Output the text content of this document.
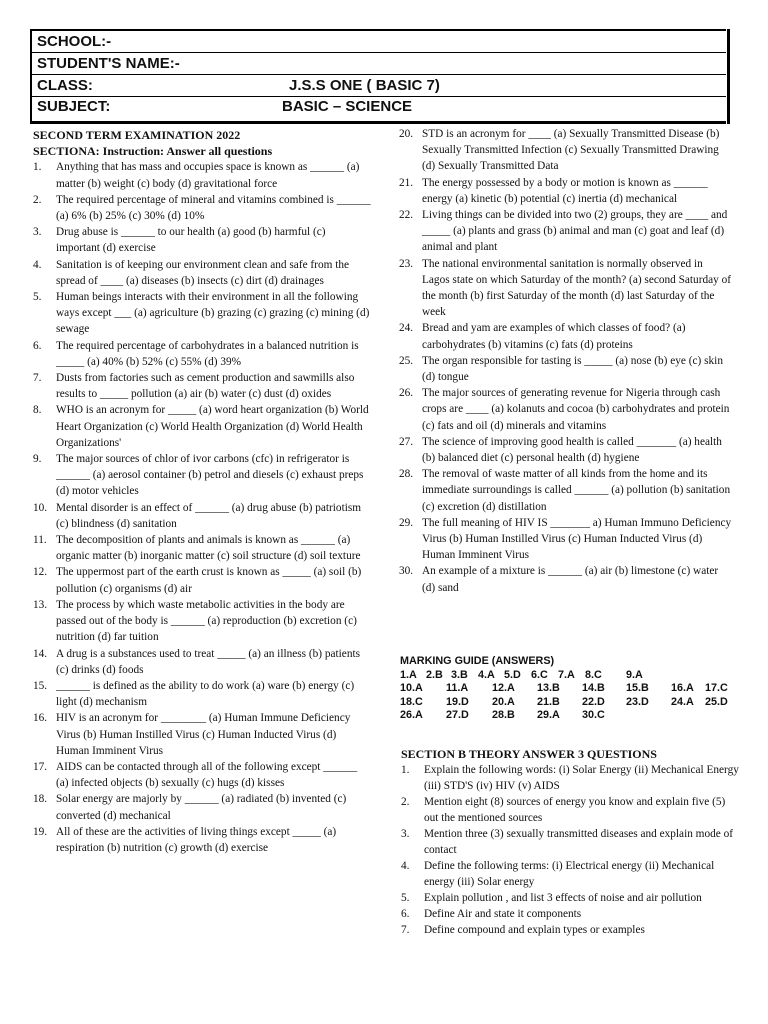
SCHOOL:-
STUDENT'S NAME:-
CLASS:	J.S.S ONE ( BASIC 7)
SUBJECT:	BASIC – SCIENCE
SECOND TERM EXAMINATION 2022
SECTIONA: Instruction: Answer all questions
1. Anything that has mass and occupies space is known as ______ (a) matter (b) weight (c) body (d) gravitational force
2. The required percentage of mineral and vitamins combined is ______ (a) 6% (b) 25% (c) 30% (d) 10%
3. Drug abuse is ______ to our health (a) good (b) harmful (c) important (d) exercise
4. Sanitation is of keeping our environment clean and safe from the spread of ____ (a) diseases (b) insects (c) dirt (d) drainages
5. Human beings interacts with their environment in all the following ways except ___ (a) agriculture (b) grazing (c) grazing (c) mining (d) sewage
6. The required percentage of carbohydrates in a balanced nutrition is _____ (a) 40% (b) 52% (c) 55% (d) 39%
7. Dusts from factories such as cement production and sawmills also results to _____ pollution (a) air (b) water (c) dust (d) oxides
8. WHO is an acronym for _____ (a) word heart organization (b) World Heart Organization (c) World Health Organization (d) World Health Organizations'
9. The major sources of chlor of ivor carbons (cfc) in refrigerator is ______ (a) aerosol container (b) petrol and diesels (c) exhaust preps (d) motor vehicles
10. Mental disorder is an effect of ______ (a) drug abuse (b) patriotism (c) blindness (d) sanitation
11. The decomposition of plants and animals is known as ______ (a) organic matter (b) inorganic matter (c) soil structure (d) soil texture
12. The uppermost part of the earth crust is known as _____ (a) soil (b) pollution (c) organisms (d) air
13. The process by which waste metabolic activities in the body are passed out of the body is ______ (a) reproduction (b) excretion (c) nutrition (d) far tuition
14. A drug is a substances used to treat _____ (a) an illness (b) patients (c) drinks (d) foods
15. ______ is defined as the ability to do work (a) ware (b) energy (c) light (d) mechanism
16. HIV is an acronym for ________ (a) Human Immune Deficiency Virus (b) Human Instilled Virus (c) Human Inducted Virus (d) Human Imminent Virus
17. AIDS can be contacted through all of the following except ______ (a) infected objects (b) sexually (c) hugs (d) kisses
18. Solar energy are majorly by ______ (a) radiated (b) invented (c) converted (d) mechanical
19. All of these are the activities of living things except _____ (a) respiration (b) nutrition (c) growth (d) exercise
20. STD is an acronym for ____ (a) Sexually Transmitted Disease (b) Sexually Transmitted Infection (c) Sexually Transmitted Drawing (d) Sexually Transmitted Data
21. The energy possessed by a body or motion is known as ______ energy (a) kinetic (b) potential (c) inertia (d) mechanical
22. Living things can be divided into two (2) groups, they are ____ and _____ (a) plants and grass (b) animal and man (c) goat and leaf (d) animal and plant
23. The national environmental sanitation is normally observed in Lagos state on which Saturday of the month? (a) second Saturday of the month (b) first Saturday of the month (d) last Saturday of the week
24. Bread and yam are examples of which classes of food? (a) carbohydrates (b) vitamins (c) fats (d) proteins
25. The organ responsible for tasting is _____ (a) nose (b) eye (c) skin (d) tongue
26. The major sources of generating revenue for Nigeria through cash crops are ____ (a) kolanuts and cocoa (b) carbohydrates and protein (c) fats and oil (d) minerals and vitamins
27. The science of improving good health is called _______ (a) health (b) balanced diet (c) personal health (d) hygiene
28. The removal of waste matter of all kinds from the home and its immediate surroundings is called ______ (a) pollution (b) sanitation (c) excretion (d) distillation
29. The full meaning of HIV IS _______ a) Human Immuno Deficiency Virus (b) Human Instilled Virus (c) Human Inducted Virus (d) Human Imminent Virus
30. An example of a mixture is ______ (a) air (b) limestone (c) water (d) sand
MARKING GUIDE (ANSWERS)
1.A 2.B 3.B 4.A 5.D 6.C 7.A 8.C 9.A
10.A 11.A 12.A 13.B 14.B 15.B 16.A 17.C
18.C 19.D 20.A 21.B 22.D 23.D 24.A 25.D
26.A 27.D 28.B 29.A 30.C
SECTION B THEORY ANSWER 3 QUESTIONS
1. Explain the following words: (i) Solar Energy (ii) Mechanical Energy (iii) STD'S (iv) HIV (v) AIDS
2. Mention eight (8) sources of energy you know and explain five (5) out the mentioned sources
3. Mention three (3) sexually transmitted diseases and explain mode of contact
4. Define the following terms: (i) Electrical energy (ii) Mechanical energy (iii) Solar energy
5. Explain pollution , and list 3 effects of noise and air pollution
6. Define Air and state it components
7. Define compound and explain types or examples
